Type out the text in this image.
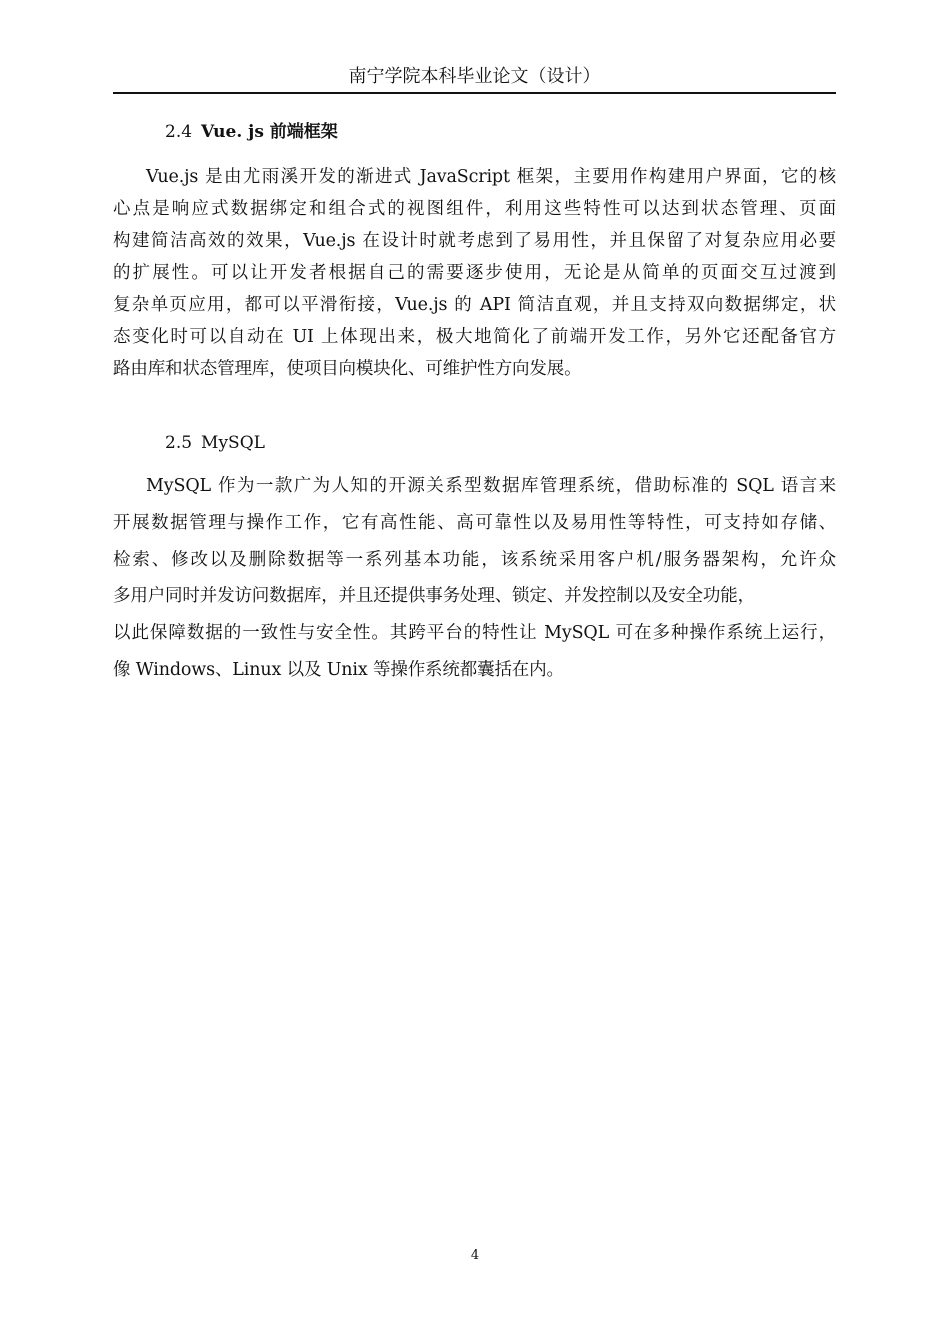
南宁学院本科毕业论文（设计）
2.4 Vue. js 前端框架
Vue.js 是由尤雨溪开发的渐进式 JavaScript 框架，主要用作构建用户界面，它的核
心点是响应式数据绑定和组合式的视图组件，利用这些特性可以达到状态管理、页面
构建简洁高效的效果，Vue.js 在设计时就考虑到了易用性，并且保留了对复杂应用必要
的扩展性。可以让开发者根据自己的需要逐步使用，无论是从简单的页面交互过渡到
复杂单页应用，都可以平滑衔接，Vue.js 的 API 简洁直观，并且支持双向数据绑定，状
态变化时可以自动在 UI 上体现出来，极大地简化了前端开发工作，另外它还配备官方
路由库和状态管理库，使项目向模块化、可维护性方向发展。
2.5 MySQL
MySQL 作为一款广为人知的开源关系型数据库管理系统，借助标准的 SQL 语言来
开展数据管理与操作工作，它有高性能、高可靠性以及易用性等特性，可支持如存储、
检索、修改以及删除数据等一系列基本功能，该系统采用客户机/服务器架构，允许众
多用户同时并发访问数据库，并且还提供事务处理、锁定、并发控制以及安全功能，
以此保障数据的一致性与安全性。其跨平台的特性让 MySQL 可在多种操作系统上运行，
像 Windows、Linux 以及 Unix 等操作系统都囊括在内。
4
